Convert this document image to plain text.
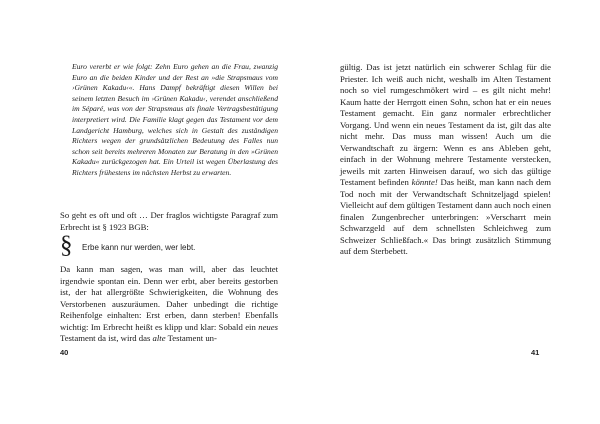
Euro vererbt er wie folgt: Zehn Euro gehen an die Frau, zwanzig Euro an die beiden Kinder und der Rest an »die Strapsmaus vom ›Grünen Kakadu‹«. Hans Dampf bekräftigt diesen Willen bei seinem letzten Besuch im ›Grünen Kakadu‹, verendet anschließend im Séparé, was von der Strapsmaus als finale Vertragsbestätigung interpretiert wird. Die Familie klagt gegen das Testament vor dem Landgericht Hamburg, welches sich in Gestalt des zuständigen Richters wegen der grundsätzlichen Bedeutung des Falles nun schon seit bereits mehreren Monaten zur Beratung in den »Grünen Kakadu« zurückgezogen hat. Ein Urteil ist wegen Überlastung des Richters frühestens im nächsten Herbst zu erwarten.
So geht es oft und oft … Der fraglos wichtigste Paragraf zum Erbrecht ist § 1923 BGB:
§ Erbe kann nur werden, wer lebt.
Da kann man sagen, was man will, aber das leuchtet irgendwie spontan ein. Denn wer erbt, aber bereits gestorben ist, der hat allergrößte Schwierigkeiten, die Wohnung des Verstorbenen auszuräumen. Daher unbedingt die richtige Reihenfolge einhalten: Erst erben, dann sterben! Ebenfalls wichtig: Im Erbrecht heißt es klipp und klar: Sobald ein neues Testament da ist, wird das alte Testament un-
40
gültig. Das ist jetzt natürlich ein schwerer Schlag für die Priester. Ich weiß auch nicht, weshalb im Alten Testament noch so viel rumgeschmökert wird – es gilt nicht mehr! Kaum hatte der Herrgott einen Sohn, schon hat er ein neues Testament gemacht. Ein ganz normaler erbrechtlicher Vorgang. Und wenn ein neues Testament da ist, gilt das alte nicht mehr. Das muss man wissen! Auch um die Verwandtschaft zu ärgern: Wenn es ans Ableben geht, einfach in der Wohnung mehrere Testamente verstecken, jeweils mit zarten Hinweisen darauf, wo sich das gültige Testament befinden könnte! Das heißt, man kann nach dem Tod noch mit der Verwandtschaft Schnitzeljagd spielen! Vielleicht auf dem gültigen Testament dann auch noch einen finalen Zungenbrecher unterbringen: »Verscharrt mein Schwarzgeld auf dem schnellsten Schleichweg zum Schweizer Schließfach.« Das bringt zusätzlich Stimmung auf dem Sterbebett.
41
